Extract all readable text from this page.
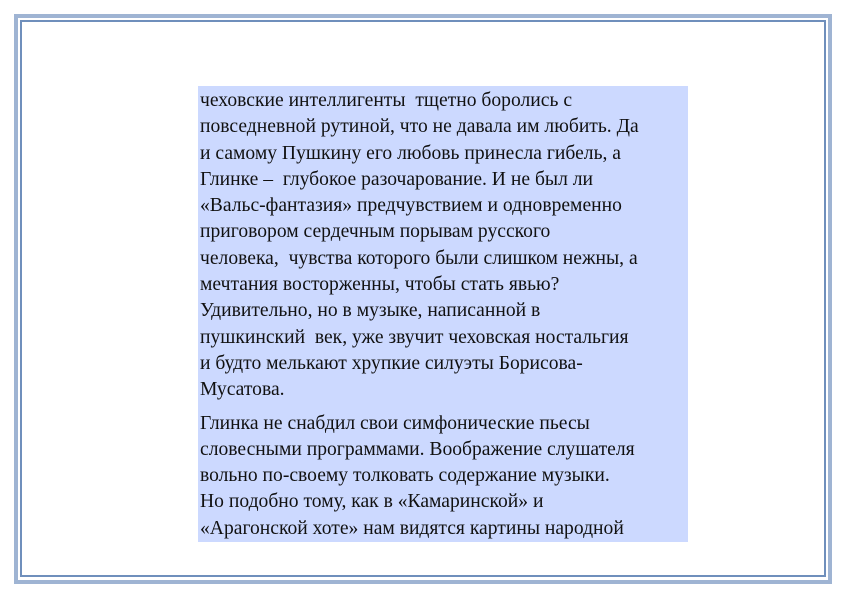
чеховские интеллигенты  тщетно боролись с
повседневной рутиной, что не давала им любить. Да
и самому Пушкину его любовь принесла гибель, а
Глинке –  глубокое разочарование. И не был ли
«Вальс-фантазия» предчувствием и одновременно
приговором сердечным порывам русского
человека,  чувства которого были слишком нежны, а
мечтания восторженны, чтобы стать явью?
Удивительно, но в музыке, написанной в
пушкинский  век, уже звучит чеховская ностальгия
и будто мелькают хрупкие силуэты Борисова-
Мусатова.

Глинка не снабдил свои симфонические пьесы
словесными программами. Воображение слушателя
вольно по-своему толковать содержание музыки.
Но подобно тому, как в «Камаринской» и
«Арагонской хоте» нам видятся картины народной
